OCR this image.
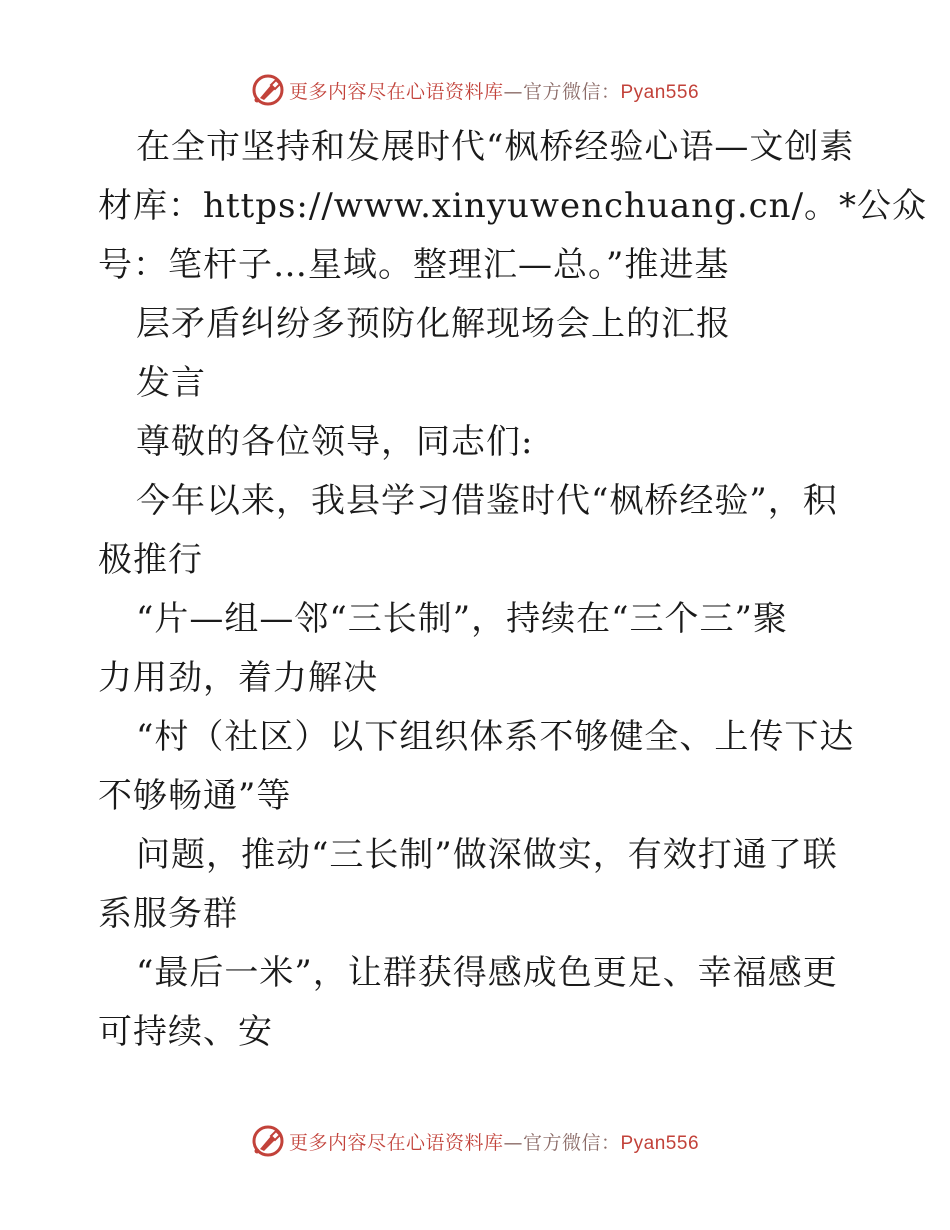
更多内容尽在心语资料库—官方微信：Pyan556
在全市坚持和发展时代“枫桥经验心语—文创素
材库：https://www.xinyuwenchuang.cn/。*公众
号：笔杆子…星域。整理汇—总。”推进基
层矛盾纠纷多预防化解现场会上的汇报
发言
尊敬的各位领导，同志们:
今年以来，我县学习借鉴时代“枫桥经验”，积
极推行
“片—组—邻“三长制”，持续在“三个三”聚
力用劲，着力解决
“村（社区）以下组织体系不够健全、上传下达
不够畅通”等
问题，推动“三长制”做深做实，有效打通了联
系服务群
“最后一米”，让群获得感成色更足、幸福感更
可持续、安
更多内容尽在心语资料库—官方微信：Pyan556
